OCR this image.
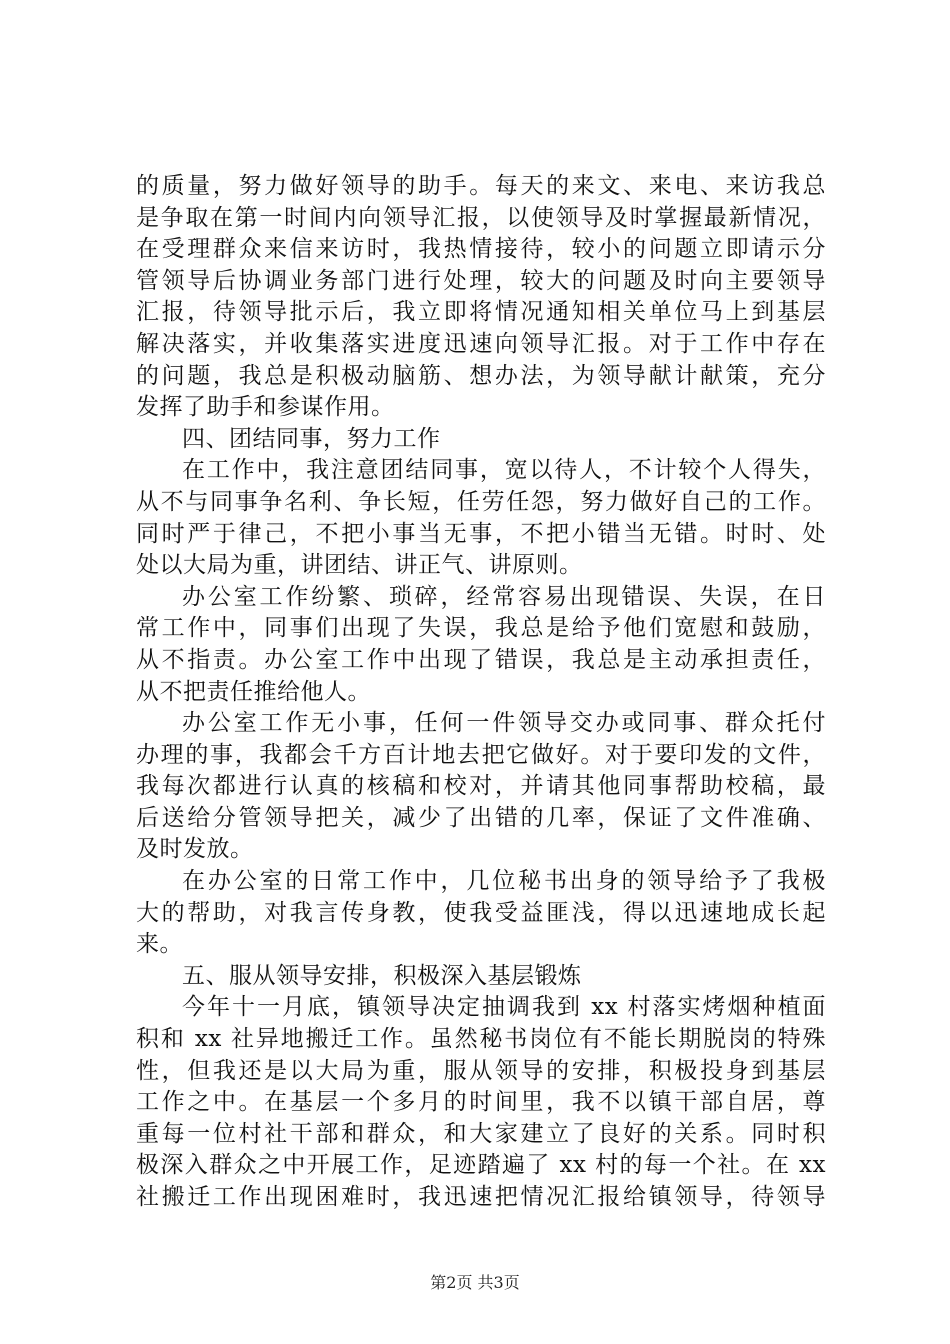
的质量，努力做好领导的助手。每天的来文、来电、来访我总
是争取在第一时间内向领导汇报，以使领导及时掌握最新情况，
在受理群众来信来访时，我热情接待，较小的问题立即请示分
管领导后协调业务部门进行处理，较大的问题及时向主要领导
汇报，待领导批示后，我立即将情况通知相关单位马上到基层
解决落实，并收集落实进度迅速向领导汇报。对于工作中存在
的问题，我总是积极动脑筋、想办法，为领导献计献策，充分
发挥了助手和参谋作用。
四、团结同事，努力工作
在工作中，我注意团结同事，宽以待人，不计较个人得失，
从不与同事争名利、争长短，任劳任怨，努力做好自己的工作。
同时严于律己，不把小事当无事，不把小错当无错。时时、处
处以大局为重，讲团结、讲正气、讲原则。
办公室工作纷繁、琐碎，经常容易出现错误、失误，在日
常工作中，同事们出现了失误，我总是给予他们宽慰和鼓励，
从不指责。办公室工作中出现了错误，我总是主动承担责任，
从不把责任推给他人。
办公室工作无小事，任何一件领导交办或同事、群众托付
办理的事，我都会千方百计地去把它做好。对于要印发的文件，
我每次都进行认真的核稿和校对，并请其他同事帮助校稿，最
后送给分管领导把关，减少了出错的几率，保证了文件准确、
及时发放。
在办公室的日常工作中，几位秘书出身的领导给予了我极
大的帮助，对我言传身教，使我受益匪浅，得以迅速地成长起
来。
五、服从领导安排，积极深入基层锻炼
今年十一月底，镇领导决定抽调我到 xx 村落实烤烟种植面
积和 xx 社异地搬迁工作。虽然秘书岗位有不能长期脱岗的特殊
性，但我还是以大局为重，服从领导的安排，积极投身到基层
工作之中。在基层一个多月的时间里，我不以镇干部自居，尊
重每一位村社干部和群众，和大家建立了良好的关系。同时积
极深入群众之中开展工作，足迹踏遍了 xx 村的每一个社。在 xx
社搬迁工作出现困难时，我迅速把情况汇报给镇领导，待领导
第2页 共3页
